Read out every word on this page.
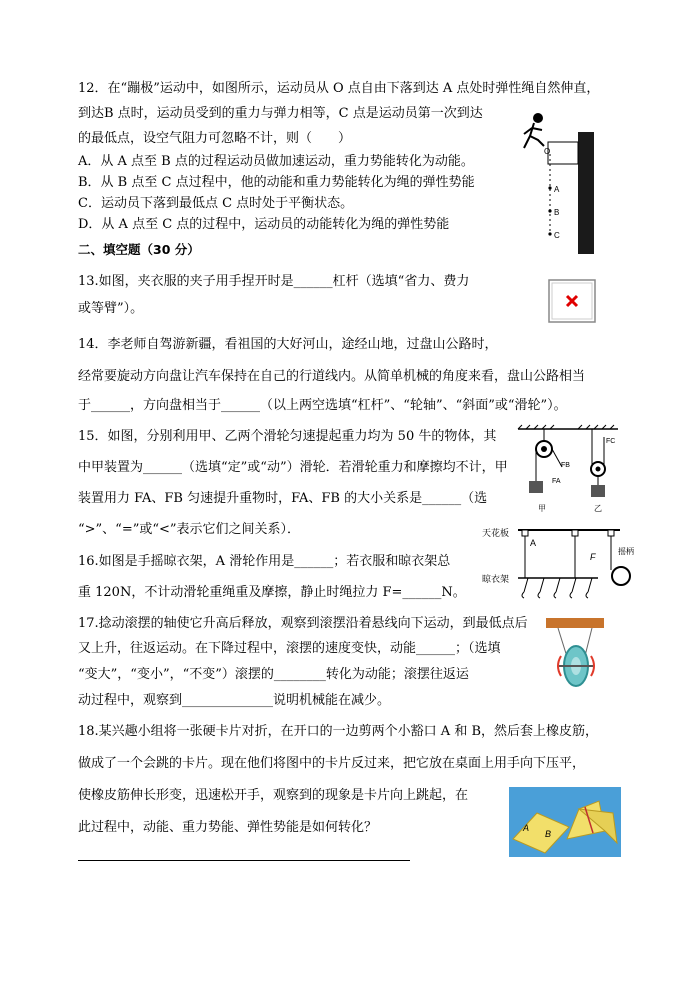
12．在“蹦极”运动中，如图所示，运动员从 O 点自由下落到达 A 点处时弹性绳自然伸直，
到达B 点时，运动员受到的重力与弹力相等，C 点是运动员第一次到达
的最低点，设空气阻力可忽略不计，则（　　）
A．从 A 点至 B 点的过程运动员做加速运动，重力势能转化为动能。
B．从 B 点至 C 点过程中，他的动能和重力势能转化为绳的弹性势能
C．运动员下落到最低点 C 点时处于平衡状态。
D．从 A 点至 C 点的过程中，运动员的动能转化为绳的弹性势能
O
A
B
C
二、填空题（30 分）
13.如图，夹衣服的夹子用手捏开时是______杠杆（选填“省力、费力
或等臂”）。
14．李老师自驾游新疆，看祖国的大好河山，途经山地，过盘山公路时，
经常要旋动方向盘让汽车保持在自己的行道线内。从简单机械的角度来看，盘山公路相当
于______，方向盘相当于______（以上两空选填“杠杆”、“轮轴”、“斜面”或“滑轮”）。
15．如图，分别利用甲、乙两个滑轮匀速提起重力均为 50 牛的物体，其
中甲装置为______（选填“定”或“动”）滑轮．若滑轮重力和摩擦均不计，甲
装置用力 FA、FB 匀速提升重物时，FA、FB 的大小关系是______（选
“>”、“=”或“<”表示它们之间关系）．
FB
FA
FC
甲	乙
16.如图是手摇晾衣架，A 滑轮作用是______；若衣服和晾衣架总
重 120N，不计动滑轮重绳重及摩擦，静止时绳拉力 F=______N。
天花板
A
F
摇柄
晾衣架
17.捻动滚摆的轴使它升高后释放，观察到滚摆沿着悬线向下运动，到最低点后
又上升，往返运动。在下降过程中，滚摆的速度变快，动能______；（选填
“变大”，“变小”，“不变”）滚摆的________转化为动能；滚摆往返运
动过程中，观察到______________说明机械能在减少。
18.某兴趣小组将一张硬卡片对折，在开口的一边剪两个小豁口 A 和 B，然后套上橡皮筋，
做成了一个会跳的卡片。现在他们将图中的卡片反过来，把它放在桌面上用手向下压平，
使橡皮筋伸长形变，迅速松开手，观察到的现象是卡片向上跳起，在
此过程中，动能、重力势能、弹性势能是如何转化？	A
B
